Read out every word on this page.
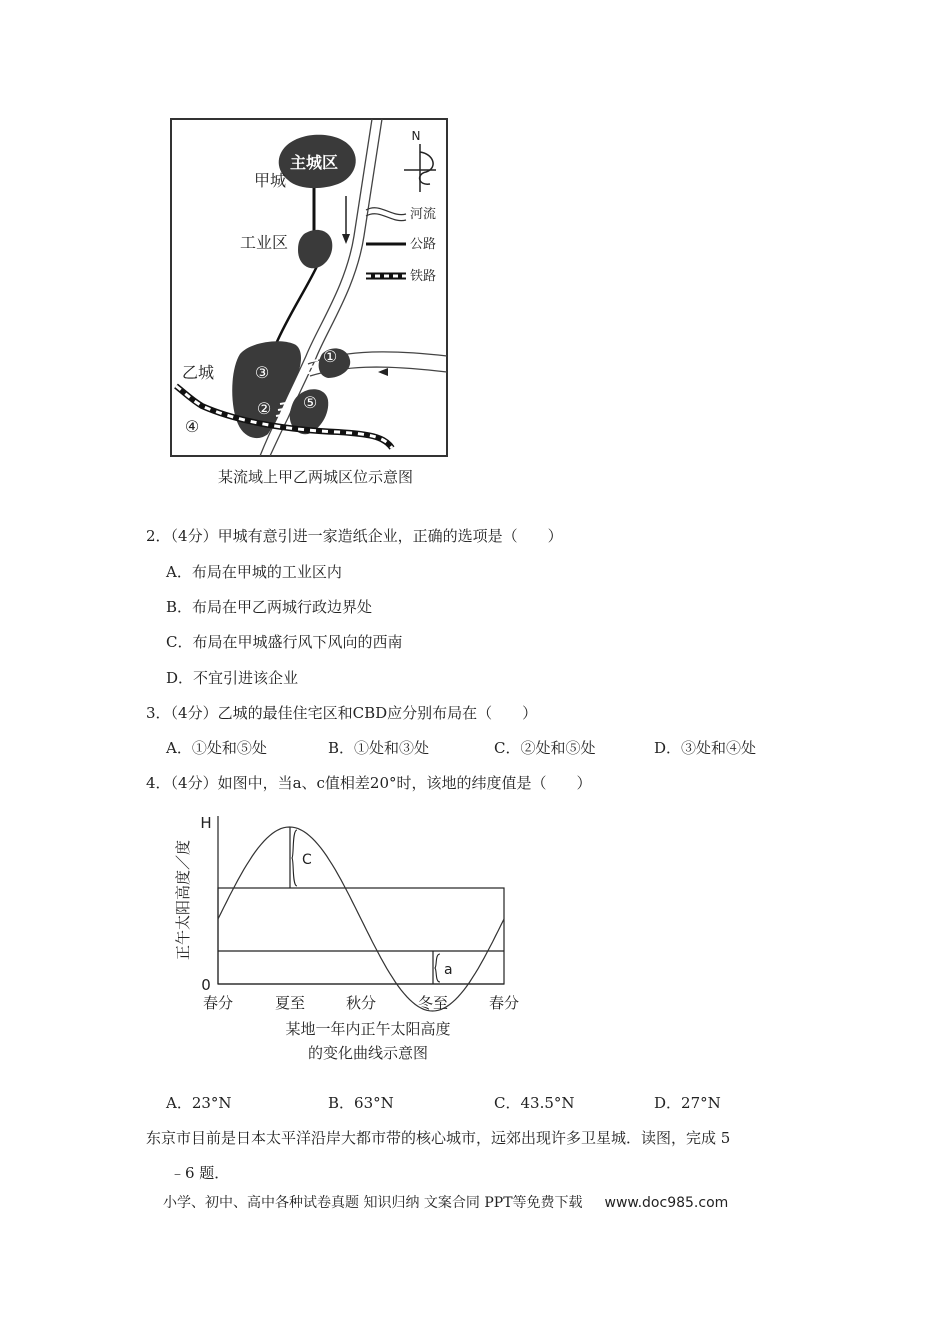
主城区
N
甲城
工业区
乙城
河流
公路
铁路
①
③
② ⑤
④
某流域上甲乙两城区位示意图
2．（4分）甲城有意引进一家造纸企业，正确的选项是（　　）
A．布局在甲城的工业区内
B．布局在甲乙两城行政边界处
C．布局在甲城盛行风下风向的西南
D．不宜引进该企业
3．（4分）乙城的最佳住宅区和CBD应分别布局在（　　）
A．①处和⑤处	B．①处和③处	C．②处和⑤处	D．③处和④处
4．（4分）如图中，当a、c值相差20°时，该地的纬度值是（　　）
H
0
正午太阳高度／度	C
a
春分	夏至	秋分	冬至	春分
某地一年内正午太阳高度
的变化曲线示意图
A．23°N	B．63°N	C．43.5°N	D．27°N
东京市目前是日本太平洋沿岸大都市带的核心城市，远郊出现许多卫星城．读图，完成 5
﹣6 题．
小学、初中、高中各种试卷真题 知识归纳 文案合同 PPT等免费下载 www.doc985.com
